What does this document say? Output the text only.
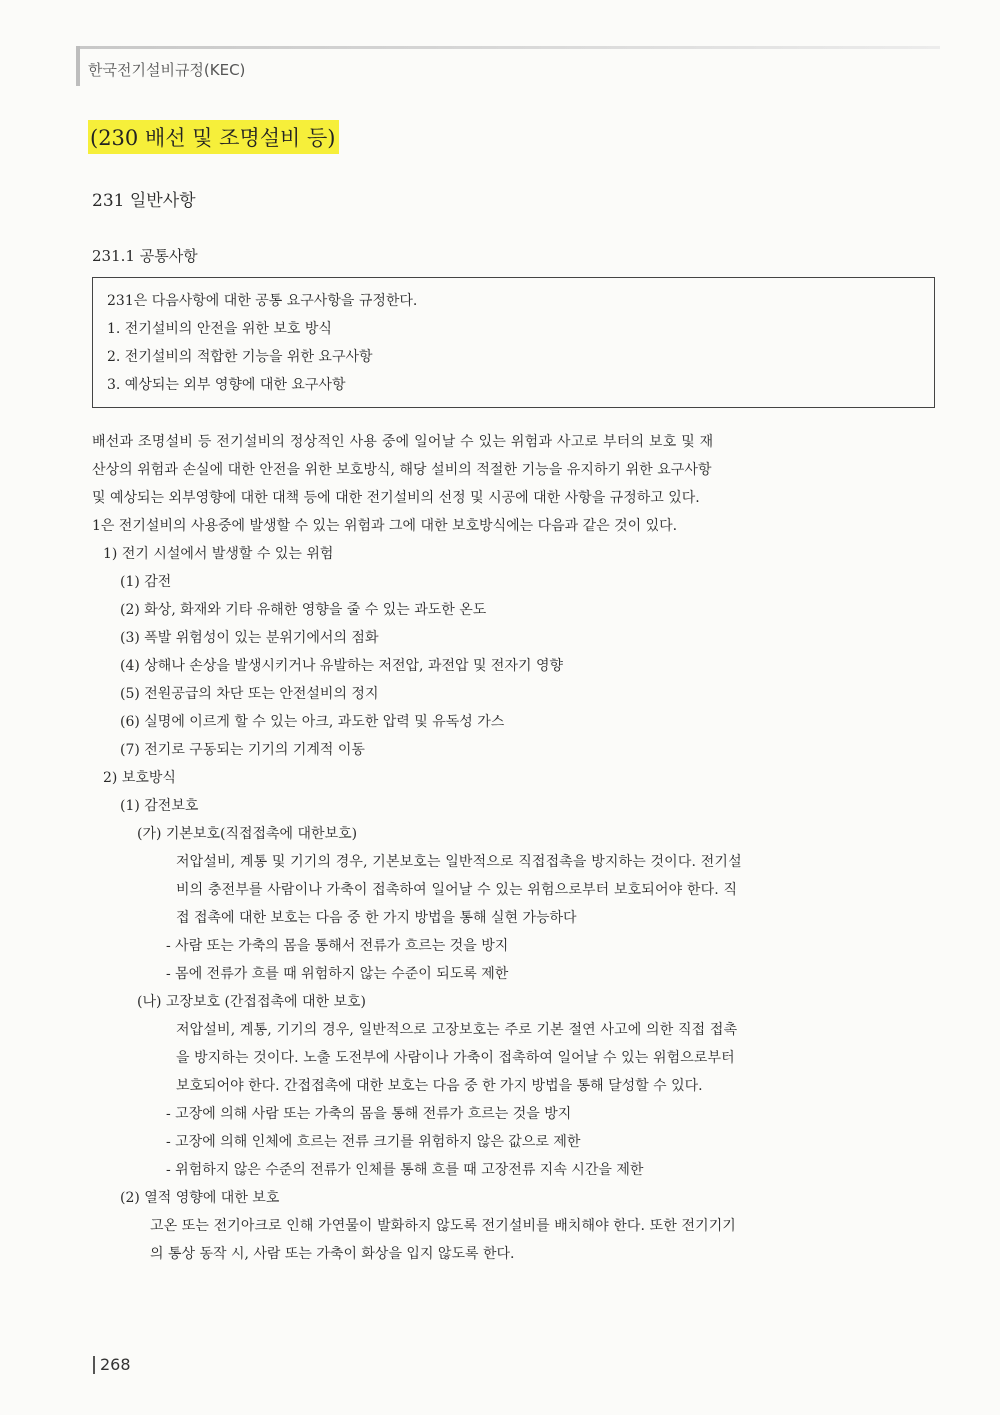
한국전기설비규정(KEC)
(230 배선 및 조명설비 등)
231 일반사항
231.1 공통사항
231은 다음사항에 대한 공통 요구사항을 규정한다.
1. 전기설비의 안전을 위한 보호 방식
2. 전기설비의 적합한 기능을 위한 요구사항
3. 예상되는 외부 영향에 대한 요구사항
배선과 조명설비 등 전기설비의 정상적인 사용 중에 일어날 수 있는 위험과 사고로 부터의 보호 및 재
산상의 위험과 손실에 대한 안전을 위한 보호방식, 해당 설비의 적절한 기능을 유지하기 위한 요구사항
및 예상되는 외부영향에 대한 대책 등에 대한 전기설비의 선정 및 시공에 대한 사항을 규정하고 있다.
1은 전기설비의 사용중에 발생할 수 있는 위험과 그에 대한 보호방식에는 다음과 같은 것이 있다.
1) 전기 시설에서 발생할 수 있는 위험
(1) 감전
(2) 화상, 화재와 기타 유해한 영향을 줄 수 있는 과도한 온도
(3) 폭발 위험성이 있는 분위기에서의 점화
(4) 상해나 손상을 발생시키거나 유발하는 저전압, 과전압 및 전자기 영향
(5) 전원공급의 차단 또는 안전설비의 정지
(6) 실명에 이르게 할 수 있는 아크, 과도한 압력 및 유독성 가스
(7) 전기로 구동되는 기기의 기계적 이동
2) 보호방식
(1) 감전보호
(가) 기본보호(직접접촉에 대한보호)
저압설비, 계통 및 기기의 경우, 기본보호는 일반적으로 직접접촉을 방지하는 것이다. 전기설
비의 충전부를 사람이나 가축이 접촉하여 일어날 수 있는 위험으로부터 보호되어야 한다. 직
접 접촉에 대한 보호는 다음 중 한 가지 방법을 통해 실현 가능하다
- 사람 또는 가축의 몸을 통해서 전류가 흐르는 것을 방지
- 몸에 전류가 흐를 때 위험하지 않는 수준이 되도록 제한
(나) 고장보호 (간접접촉에 대한 보호)
저압설비, 계통, 기기의 경우, 일반적으로 고장보호는 주로 기본 절연 사고에 의한 직접 접촉
을 방지하는 것이다. 노출 도전부에 사람이나 가축이 접촉하여 일어날 수 있는 위험으로부터
보호되어야 한다. 간접접촉에 대한 보호는 다음 중 한 가지 방법을 통해 달성할 수 있다.
- 고장에 의해 사람 또는 가축의 몸을 통해 전류가 흐르는 것을 방지
- 고장에 의해 인체에 흐르는 전류 크기를 위험하지 않은 값으로 제한
- 위험하지 않은 수준의 전류가 인체를 통해 흐를 때 고장전류 지속 시간을 제한
(2) 열적 영향에 대한 보호
고온 또는 전기아크로 인해 가연물이 발화하지 않도록 전기설비를 배치해야 한다. 또한 전기기기
의 통상 동작 시, 사람 또는 가축이 화상을 입지 않도록 한다.
268
